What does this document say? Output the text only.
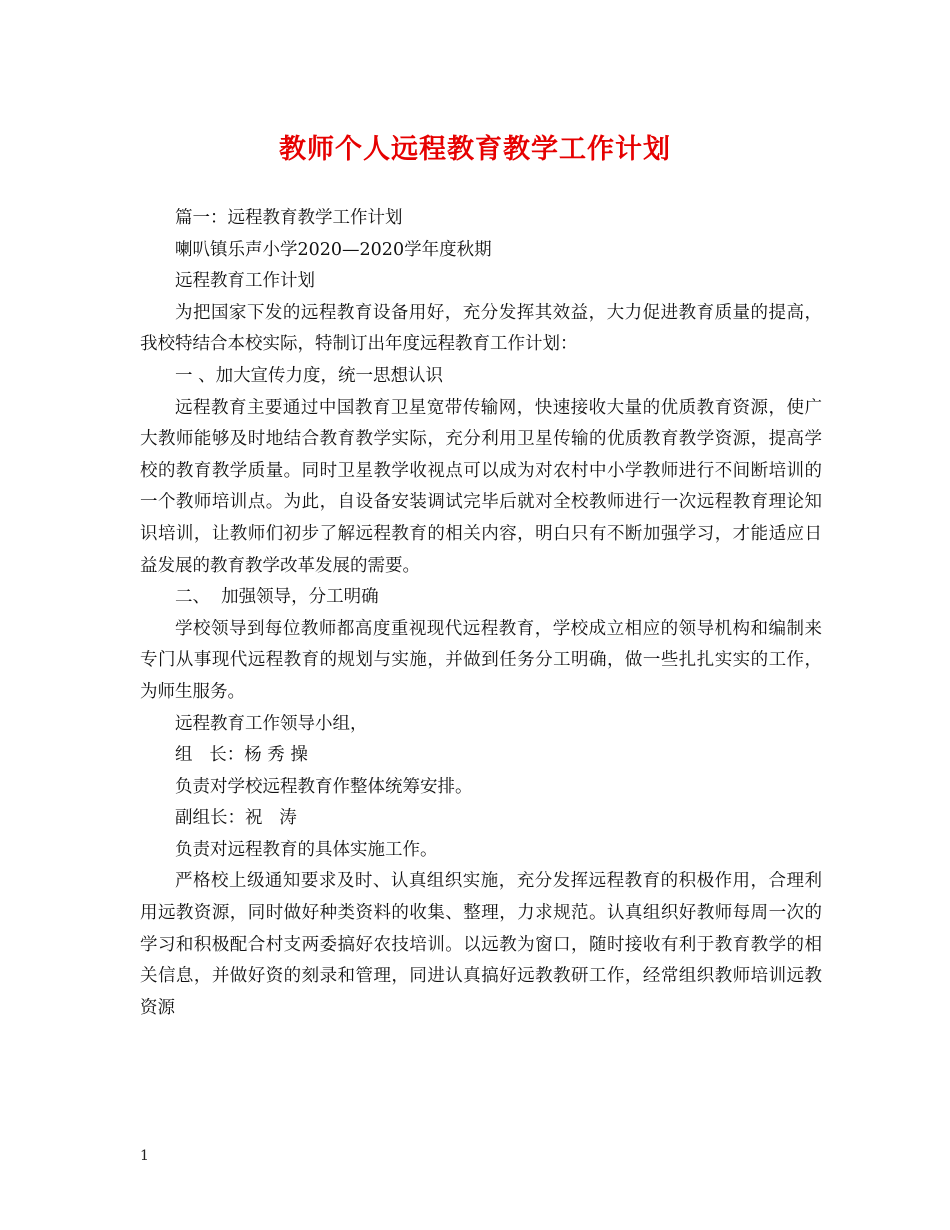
教师个人远程教育教学工作计划

篇一：远程教育教学工作计划

喇叭镇乐声小学2020—2020学年度秋期

远程教育工作计划

为把国家下发的远程教育设备用好，充分发挥其效益，大力促进教育质量的提高，我校特结合本校实际，特制订出年度远程教育工作计划：

一 、加大宣传力度，统一思想认识

远程教育主要通过中国教育卫星宽带传输网，快速接收大量的优质教育资源，使广大教师能够及时地结合教育教学实际，充分利用卫星传输的优质教育教学资源，提高学校的教育教学质量。同时卫星教学收视点可以成为对农村中小学教师进行不间断培训的一个教师培训点。为此，自设备安装调试完毕后就对全校教师进行一次远程教育理论知识培训，让教师们初步了解远程教育的相关内容，明白只有不断加强学习，才能适应日益发展的教育教学改革发展的需要。

二、  加强领导，分工明确

学校领导到每位教师都高度重视现代远程教育，学校成立相应的领导机构和编制来专门从事现代远程教育的规划与实施，并做到任务分工明确，做一些扎扎实实的工作，为师生服务。

远程教育工作领导小组，

组   长：杨 秀 操

负责对学校远程教育作整体统筹安排。

副组长：祝   涛

负责对远程教育的具体实施工作。

严格校上级通知要求及时、认真组织实施，充分发挥远程教育的积极作用，合理利用远教资源，同时做好种类资料的收集、整理，力求规范。认真组织好教师每周一次的学习和积极配合村支两委搞好农技培训。以远教为窗口，随时接收有利于教育教学的相关信息，并做好资的刻录和管理，同进认真搞好远教教研工作，经常组织教师培训远教资源

1
